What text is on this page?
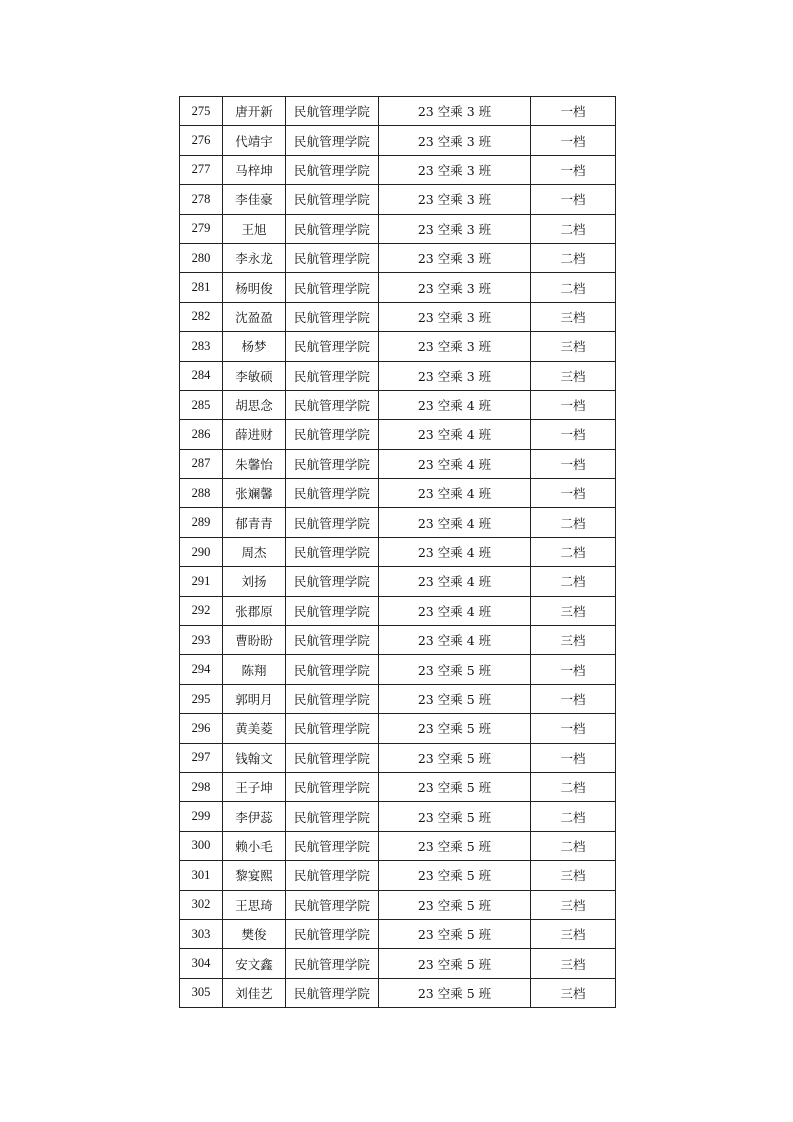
275	唐开新	民航管理学院	23 空乘 3 班	一档
276	代靖宇	民航管理学院	23 空乘 3 班	一档
277	马梓坤	民航管理学院	23 空乘 3 班	一档
278	李佳豪	民航管理学院	23 空乘 3 班	一档
279	王旭	民航管理学院	23 空乘 3 班	二档
280	李永龙	民航管理学院	23 空乘 3 班	二档
281	杨明俊	民航管理学院	23 空乘 3 班	二档
282	沈盈盈	民航管理学院	23 空乘 3 班	三档
283	杨梦	民航管理学院	23 空乘 3 班	三档
284	李敏硕	民航管理学院	23 空乘 3 班	三档
285	胡思念	民航管理学院	23 空乘 4 班	一档
286	薛进财	民航管理学院	23 空乘 4 班	一档
287	朱馨怡	民航管理学院	23 空乘 4 班	一档
288	张斓馨	民航管理学院	23 空乘 4 班	一档
289	郁青青	民航管理学院	23 空乘 4 班	二档
290	周杰	民航管理学院	23 空乘 4 班	二档
291	刘扬	民航管理学院	23 空乘 4 班	二档
292	张郡原	民航管理学院	23 空乘 4 班	三档
293	曹盼盼	民航管理学院	23 空乘 4 班	三档
294	陈翔	民航管理学院	23 空乘 5 班	一档
295	郭明月	民航管理学院	23 空乘 5 班	一档
296	黄美菱	民航管理学院	23 空乘 5 班	一档
297	钱翰文	民航管理学院	23 空乘 5 班	一档
298	王子坤	民航管理学院	23 空乘 5 班	二档
299	李伊蕊	民航管理学院	23 空乘 5 班	二档
300	赖小毛	民航管理学院	23 空乘 5 班	二档
301	黎宴熙	民航管理学院	23 空乘 5 班	三档
302	王思琦	民航管理学院	23 空乘 5 班	三档
303	樊俊	民航管理学院	23 空乘 5 班	三档
304	安文鑫	民航管理学院	23 空乘 5 班	三档
305	刘佳艺	民航管理学院	23 空乘 5 班	三档
